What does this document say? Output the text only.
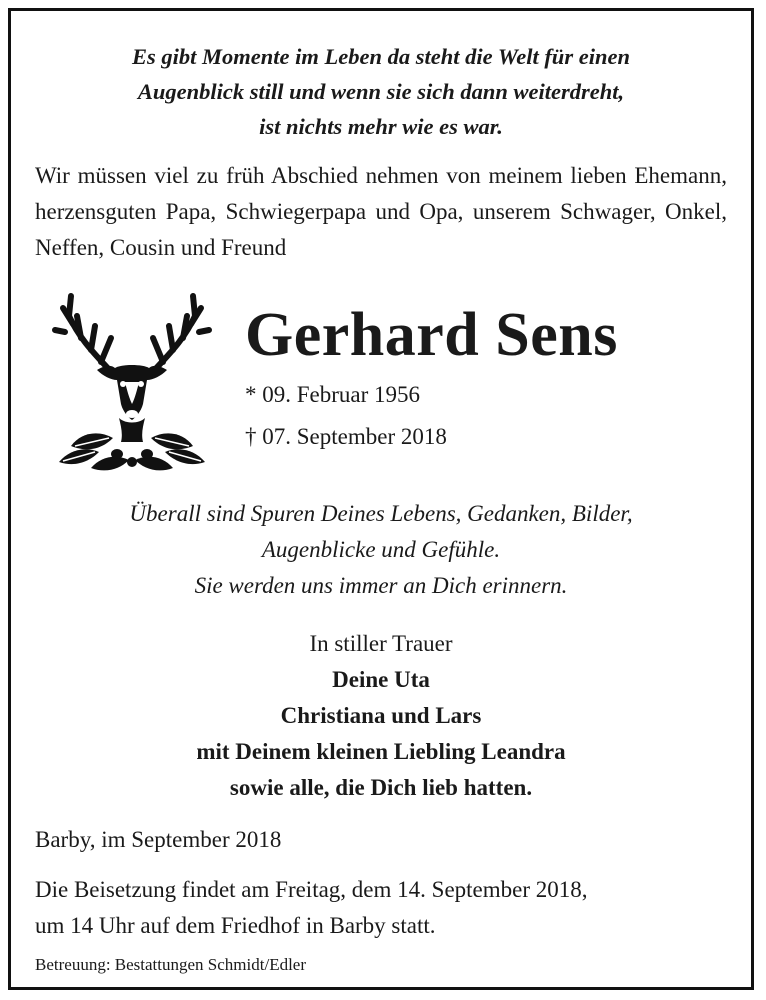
Es gibt Momente im Leben da steht die Welt für einen
Augenblick still und wenn sie sich dann weiterdreht,
ist nichts mehr wie es war.

Wir müssen viel zu früh Abschied nehmen von meinem lieben Ehemann, herzensguten Papa, Schwiegerpapa und Opa, unserem Schwager, Onkel, Neffen, Cousin und Freund

Gerhard Sens
* 09. Februar 1956
† 07. September 2018
Überall sind Spuren Deines Lebens, Gedanken, Bilder,
Augenblicke und Gefühle.
Sie werden uns immer an Dich erinnern.
In stiller Trauer
Deine Uta
Christiana und Lars
mit Deinem kleinen Liebling Leandra
sowie alle, die Dich lieb hatten.
Barby, im September 2018
Die Beisetzung findet am Freitag, dem 14. September 2018,
um 14 Uhr auf dem Friedhof in Barby statt.
Betreuung: Bestattungen Schmidt/Edler
